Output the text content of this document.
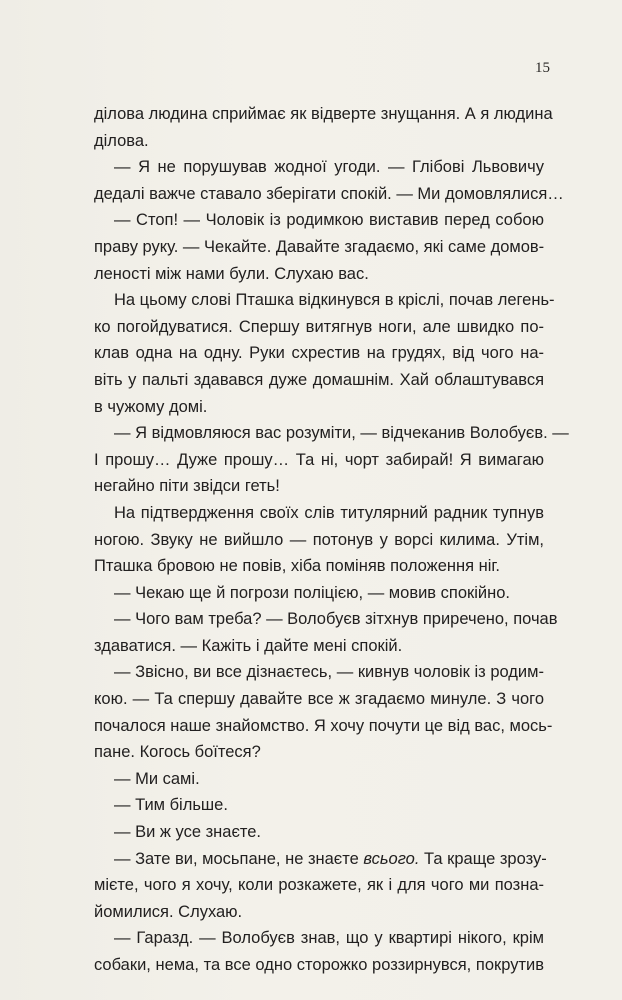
15
ділова людина сприймає як відверте знущання. А я людина
ділова.
— Я не порушував жодної угоди. — Глібові Львовичу
дедалі важче ставало зберігати спокій. — Ми домовлялися…
— Стоп! — Чоловік із родимкою виставив перед собою
праву руку. — Чекайте. Давайте згадаємо, які саме домов-
леності між нами були. Слухаю вас.
На цьому слові Пташка відкинувся в кріслі, почав легень-
ко погойдуватися. Спершу витягнув ноги, але швидко по-
клав одна на одну. Руки схрестив на грудях, від чого на-
віть у пальті здавався дуже домашнім. Хай облаштувався
в чужому домі.
— Я відмовляюся вас розуміти, — відчеканив Волобуєв. —
І прошу… Дуже прошу… Та ні, чорт забирай! Я вимагаю
негайно піти звідси геть!
На підтвердження своїх слів титулярний радник тупнув
ногою. Звуку не вийшло — потонув у ворсі килима. Утім,
Пташка бровою не повів, хіба поміняв положення ніг.
— Чекаю ще й погрози поліцією, — мовив спокійно.
— Чого вам треба? — Волобуєв зітхнув приречено, почав
здаватися. — Кажіть і дайте мені спокій.
— Звісно, ви все дізнаєтесь, — кивнув чоловік із родим-
кою. — Та спершу давайте все ж згадаємо минуле. З чого
почалося наше знайомство. Я хочу почути це від вас, мось-
пане. Когось боїтеся?
— Ми самі.
— Тим більше.
— Ви ж усе знаєте.
— Зате ви, мосьпане, не знаєте всього. Та краще зрозу-
мієте, чого я хочу, коли розкажете, як і для чого ми позна-
йомилися. Слухаю.
— Гаразд. — Волобуєв знав, що у квартирі нікого, крім
собаки, нема, та все одно сторожко роззирнувся, покрутив
